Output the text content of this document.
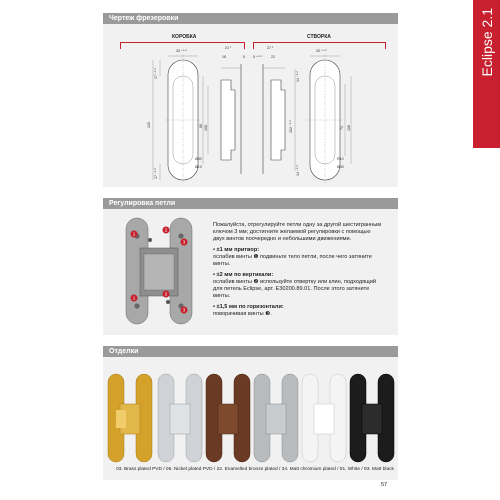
Eclipse 2.1
Чертеж фрезеровки
КОРОБКА	СТВОРКА
30 ⁺⁰·²
21 ¹
18	5 5 ⁺⁰·²
27 ¹
22
30 ⁺⁰·²
120
17 ⁺⁰·²
17 ⁺⁰·²
108
68	102 ⁺⁰·²
14 ⁺⁰·²
14 ⁺⁰·²
71 108
Ø30
Ø10
R10
Ø30
Регулировка петли
1
2
3
1
2
3

Пожалуйста, отрегулируйте петли одну за другой шестигранным ключом 3 мм; достигните желаемой регулировки с помощью двух винтов поочередно и небольшими движениями.

• ±1 мм притвор:
ослабив винты ❶ подвиньте тело петли, после чего затяните винты.
• ±2 мм по вертикали:
ослабив винты ❷ используйте отвертку или клин, подходящий для петель Eclipse, арт. E30200.89.01. После этого затяните винты.
• ±1,5 мм по горизонтали:
поворачивая винты ❸.
Отделки
03. Brass plated PVD / 06. Nickel plated PVD / 22. Enamelled bronze plated / 34. Matt chromium plated / 91. White / 93. Matt black
57
